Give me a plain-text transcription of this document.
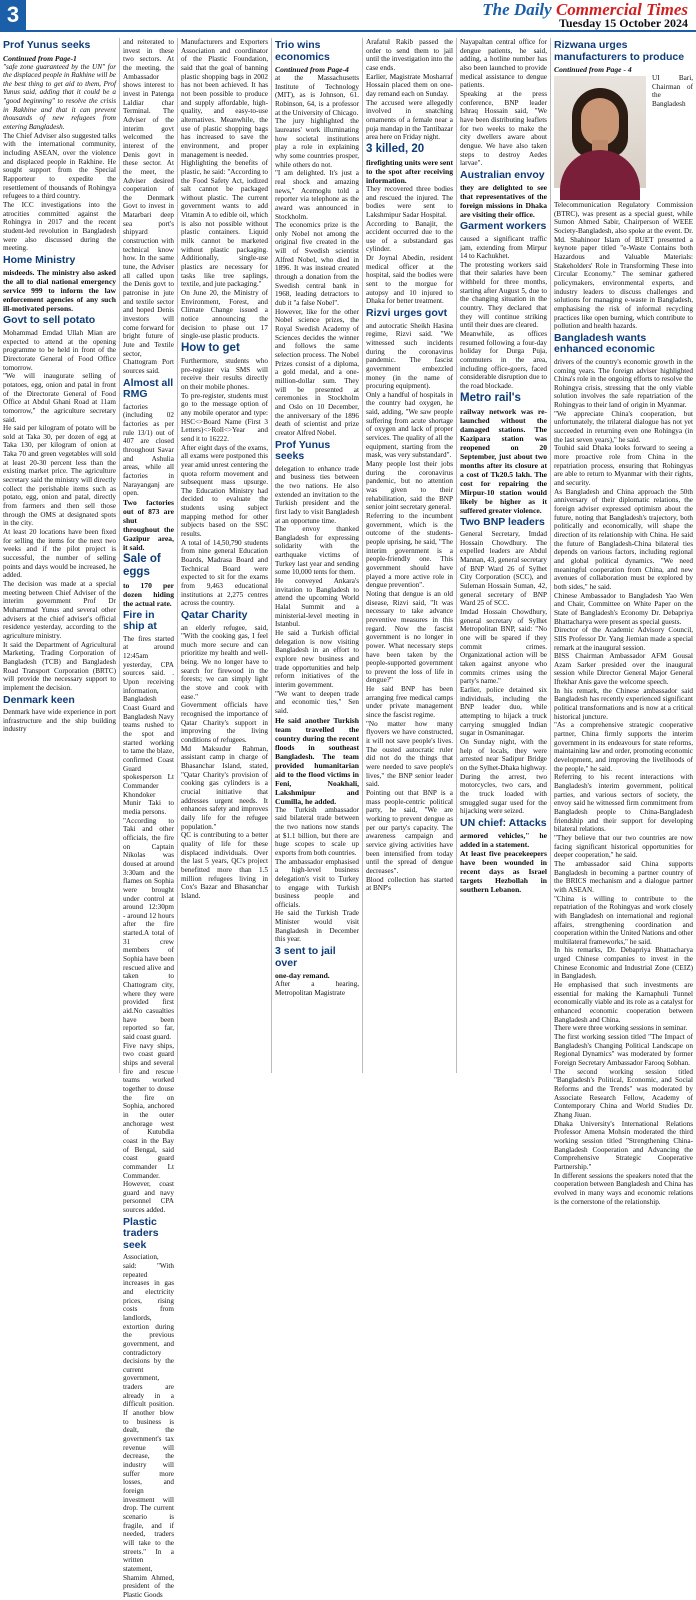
3	The Daily Commercial Times
Tuesday 15 October 2024
Prof Yunus seeks
Continued from Page-1

"safe zone guaranteed by the UN" for the displaced people in Rakhine will be the best thing to get aid to them, Prof Yunus said, adding that it could be a "good beginning" to resolve the crisis in Rakhine and that it can prevent thousands of new refugees from entering Bangladesh.

The Chief Adviser also suggested talks with the international community, including ASEAN, over the violence and displaced people in Rakhine. He sought support from the Special Rapporteur to expedite the resettlement of thousands of Rohingya refugees to a third country.

The ICC investigations into the atrocities committed against the Rohingya in 2017 and the recent student-led revolution in Bangladesh were also discussed during the meeting.

Home Ministry

misdeeds. The ministry also asked the all to dial national emergency service 999 to inform the law enforcement agencies of any such ill-motivated persons.

Govt to sell potato

Mohammad Emdad Ullah Mian are expected to attend at the opening programme to be held in front of the Directorate General of Food Office tomorrow.

"We will inaugurate selling of potatoes, egg, onion and patal in front of the Directorate General of Food Office at Abdul Ghani Road at 11am tomorrow," the agriculture secretary said.

He said per kilogram of potato will be sold at Taka 30, per dozen of egg at Taka 130, per kilogram of onion at Taka 70 and green vegetables will sold at least 20-30 percent less than the existing market price. The agriculture secretary said the ministry will directly collect the perishable items such as potato, egg, onion and patal, directly from farmers and then sell those through the OMS at designated spots in the city.

At least 20 locations have been fixed for selling the items for the next two weeks and if the pilot project is successful, the number of selling points and days would be increased, he added.

The decision was made at a special meeting between Chief Adviser of the interim government Prof Dr Muhammad Yunus and several other advisers at the chief adviser's official residence yesterday, according to the agriculture ministry.

It said the Department of Agricultural Marketing, Trading Corporation of Bangladesh (TCB) and Bangladesh Road Transport Corporation (BRTC) will provide the necessary support to implement the decision.

Denmark keen

Denmark have wide experience in port infrastructure and the ship building industry

and reiterated to invest in these two sectors. At the meeting, the Ambassador shows interest to invest in Patenga Laldiar char Terminal. The Adviser of the interim govt welcomed the interest of the Denis govt in these sector. At the meet, the Adviser desired cooperation of the Denmark Govt to invest in Matarbari deep sea port's shipyard construction with technical know how. In the same tune, the Adviser all called upon the Denis govt to patronise in jute and textile sector and hoped Denis investors will come forward for bright future of Jute and Textile sector, Chattogram Port sources said.

Almost all RMG

factories (including 02 factories as per rule 13/1) out of 407 are closed throughout Savar and Ashulia areas, while all factories in Narayanganj are open.

Two factories out of 873 are shut throughout the Gazipur area, it said.

Sale of eggs

to 170 per dozen hiding the actual rate.

Fire in ship at

The fires started at around 12:45am yesterday, CPA sources said. . Upon receiving information, Bangladesh Coast Guard and Bangladesh Navy teams rushed to the spot and started working to tame the blaze, confirmed Coast Guard spokesperson Lt Commander Khondoker Munir Taki to media persons.

"According to Taki and other officials, the fire on Captain Nikolas was doused at around 3:30am and the flames on Sophia were brought under control at around 12:30pm - around 12 hours after the fire started.A total of 31 crew members of Sophia have been rescued alive and taken to Chattogram city, where they were provided first aid.No casualties have been reported so far, said coast guard.

Five navy ships, two coast guard ships and several fire and rescue teams worked together to douse the fire on Sophia, anchored in the outer anchorage west of Kutubdia coast in the Bay of Bengal, said coast guard commander Lt Commander.

However, coast guard and navy personnel CPA sources added.

Plastic traders seek

Association, said: "With repeated increases in gas and electricity prices, rising costs from landlords, extortion during the previous government, and contradictory decisions by the current government, traders are already in a difficult position. If another blow to business is dealt, the government's tax revenue will decrease, the industry will suffer more losses, and foreign investment will drop. The current scenario is fragile, and if needed, traders will take to the streets." In a written statement, Shamim Ahmed, president of the Plastic Goods

Manufacturers and Exporters Association and coordinator of the Plastic Foundation, said that the goal of banning plastic shopping bags in 2002 has not been achieved. It has not been possible to produce and supply affordable, high-quality, and easy-to-use alternatives. Meanwhile, the use of plastic shopping bags has increased to save the environment, and proper management is needed.

Highlighting the benefits of plastic, he said: "According to the Food Safety Act, iodized salt cannot be packaged without plastic. The current government wants to add Vitamin A to edible oil, which is also not possible without plastic containers. Liquid milk cannot be marketed without plastic packaging. Additionally, single-use plastics are necessary for tasks like tree saplings, textile, and jute packaging."

On June 20, the Ministry of Environment, Forest, and Climate Change issued a notice announcing the decision to phase out 17 single-use plastic products.

How to get

Furthermore, students who pre-register via SMS will receive their results directly on their mobile phones.

To pre-register, students must go to the message option of any mobile operator and type: HSC<>Board Name (First 3 Letters)<>Roll<>Year and send it to 16222.

After eight days of the exams, all exams were postponed this year amid unrest centering the quota reform movement and subsequent mass upsurge. The Education Ministry had decided to evaluate the students using subject mapping method for other subjects based on the SSC results.

A total of 14,50,790 students from nine general Education Boards, Madrasa Board and Technical Board were expected to sit for the exams from 9,463 educational institutions at 2,275 centres across the country.

Qatar Charity

an elderly refugee, said, "With the cooking gas, I feel much more secure and can prioritize my health and well-being. We no longer have to search for firewood in the forests; we can simply light the stove and cook with ease."

Government officials have recognised the importance of Qatar Charity's support in improving the living conditions of refugees.

Md Maksudur Rahman, assistant camp in charge of Bhasanchar Island, stated, "Qatar Charity's provision of cooking gas cylinders is a crucial initiative that addresses urgent needs. It enhances safety and improves daily life for the refugee population."

QC is contributing to a better quality of life for these displaced individuals. Over the last 5 years, QC's project benefitted more than 1.5 million refugees living in Cox's Bazar and Bhasanchar Island.

Trio wins economics
Continued from Page-4

at the Massachusetts Institute of Technology (MIT), as is Johnson, 61. Robinson, 64, is a professor at the University of Chicago.

The jury highlighted the laureates' work illuminating how societal institutions play a role in explaining why some countries prosper, while others do not.

"I am delighted. It's just a real shock and amazing news," Acemoglu told a reporter via telephone as the award was announced in Stockholm.

The economics prize is the only Nobel not among the original five created in the will of Swedish scientist Alfred Nobel, who died in 1896. It was instead created through a donation from the Swedish central bank in 1968, leading detractors to dub it "a false Nobel".

However, like for the other Nobel science prizes, the Royal Swedish Academy of Sciences decides the winner and follows the same selection process. The Nobel Prizes consist of a diploma, a gold medal, and a one-million-dollar sum. They will be presented at ceremonies in Stockholm and Oslo on 10 December, the anniversary of the 1896 death of scientist and prize creator Alfred Nobel.

Prof Yunus seeks

delegation to enhance trade and business ties between the two nations. He also extended an invitation to the Turkish president and the first lady to visit Bangladesh at an opportune time.

The envoy thanked Bangladesh for expressing solidarity with the earthquake victims of Turkey last year and sending some 10,000 tents for them.

He conveyed Ankara's invitation to Bangladesh to attend the upcoming World Halal Summit and a ministerial-level meeting in Istanbul.

He said a Turkish official delegation is now visiting Bangladesh in an effort to explore new business and trade opportunities and help reform initiatives of the interim government.

"We want to deepen trade and economic ties," Sen said.

He said another Turkish team travelled the country during the recent floods in southeast Bangladesh. The team provided humanitarian aid to the flood victims in Feni, Noakhali, Lakshmipur and Cumilla, he added.

The Turkish ambassador said bilateral trade between the two nations now stands at $1.1 billion, but there are huge scopes to scale up exports from both countries.

The ambassador emphasised a high-level business delegation's visit to Turkey to engage with Turkish business people and officials.

He said the Turkish Trade Minister would visit Bangladesh in December this year.

3 sent to jail over

one-day remand.

After a hearing, Metropolitan Magistrate

Arafatul Rakib passed the order to send them to jail until the investigation into the case ends.

Earlier, Magistrate Mosharraf Hossain placed them on one-day remand each on Sunday.

The accused were allegedly involved in snatching ornaments of a female near a puja mandap in the Tantibazar area here on Friday night.

3 killed, 20

firefighting units were sent to the spot after receiving information.

They recovered three bodies and rescued the injured. The bodies were sent to Lakshmipur Sadar Hospital.

According to Banajit, the accident occurred due to the use of a substandard gas cylinder.

Dr Joynal Abedin, resident medical officer at the hospital, said the bodies were sent to the morgue for autopsy and 10 injured to Dhaka for better treatment.

Rizvi urges govt

and autocratic Sheikh Hasina regime, Rizvi said. "We witnessed such incidents during the coronavirus pandemic. The fascist government embezzled money (in the name of procuring equipment).

Only a handful of hospitals in the country had oxygen, he said, adding, "We saw people suffering from acute shortage of oxygen and lack of proper services. The quality of all the equipment, starting from the mask, was very substandard".

Many people lost their jobs during the coronavirus pandemic, but no attention was given to their rehabilitation, said the BNP senior joint secretary general.

Referring to the incumbent government, which is the outcome of the students-people uprising, he said, "The interim government is a people-friendly one. This government should have played a more active role in dengue prevention".

Noting that dengue is an old disease, Rizvi said, "It was necessary to take advance preventive measures in this regard. Now the fascist government is no longer in power. What necessary steps have been taken by the people-supported government to prevent the loss of life in dengue?"

He said BNP has been arranging free medical camps under private management since the fascist regime.

"No matter how many flyovers we have constructed, it will not save people's lives. The ousted autocratic ruler did not do the things that were needed to save people's lives," the BNP senior leader said.

Pointing out that BNP is a mass people-centric political party, he said, "We are working to prevent dengue as per our party's capacity. The awareness campaign and service giving activities have been intensified from today until the spread of dengue decreases".

Blood collection has started at BNP's

Nayapaltan central office for dengue patients, he said, adding, a hotline number has also been launched to provide medical assistance to dengue patients.

Speaking at the press conference, BNP leader Ishraq Hossain said, "We have been distributing leaflets for two weeks to make the city dwellers aware about dengue. We have also taken steps to destroy Aedes larvae".

Australian envoy

they are delighted to see that representatives of the foreign missions in Dhaka are visiting their office.

Garment workers

caused a significant traffic jam, extending from Mirpur 14 to Kachukhet.

The protesting workers said that their salaries have been withheld for three months, starting after August 5, due to the changing situation in the country. They declared that they will continue striking until their dues are cleared.

Meanwhile, as offices resumed following a four-day holiday for Durga Puja, commuters in the area, including office-goers, faced considerable disruption due to the road blockade.

Metro rail's

railway network was re-launched without the damaged stations. The Kazipara station was reopened on 20 September, just about two months after its closure at a cost of Tk20.5 lakh. The cost for repairing the Mirpur-10 station would likely be higher as it suffered greater violence.

Two BNP leaders

General Secretary, Imdad Hossain Chowdhury. The expelled leaders are Abdul Mannan, 43, general secretary of BNP Ward 26 of Sylhet City Corporation (SCC), and Suleman Hossain Suman, 42, general secretary of BNP Ward 25 of SCC.

Imdad Hossain Chowdhury, general secretary of Sylhet Metropolitan BNP, said: "No one will be spared if they commit crimes. Organizational action will be taken against anyone who commits crimes using the party's name."

Earlier, police detained six individuals, including the BNP leader duo, while attempting to hijack a truck carrying smuggled Indian sugar in Osmaninagar.

On Sunday night, with the help of locals, they were arrested near Sadipur Bridge on the Sylhet-Dhaka highway. During the arrest, two motorcycles, two cars, and the truck loaded with smuggled sugar used for the hijacking were seized.

UN chief: Attacks

armored vehicles," he added in a statement.

At least five peacekeepers have been wounded in recent days as Israel targets Hezbollah in southern Lebanon.

Rizwana urges manufacturers to produce
Continued from Page - 4

UI Bari, Chairman of the Bangladesh Telecommunication Regulatory Commission (BTRC), was present as a special guest, while Sumon Ahmed Sabir, Chairperson of WEEE Society-Bangladesh, also spoke at the event. Dr. Md. Shahinoor Islam of BUET presented a keynote paper titled "e-Waste Contains both Hazardous and Valuable Materials: Stakeholders' Role in Transforming These into Circular Economy." The seminar gathered policymakers, environmental experts, and industry leaders to discuss challenges and solutions for managing e-waste in Bangladesh, emphasising the risk of informal recycling practices like open burning, which contribute to pollution and health hazards.

Bangladesh wants enhanced economic

drivers of the country's economic growth in the coming years. The foreign adviser highlighted China's role in the ongoing efforts to resolve the Rohingya crisis, stressing that the only viable solution involves the safe repatriation of the Rohingyas to their land of origin in Myanmar.

"We appreciate China's cooperation, but unfortunately, the trilateral dialogue has not yet succeeded in returning even one Rohingya (in the last seven years)," he said.

Touhid said Dhaka looks forward to seeing a more proactive role from China in the repatriation process, ensuring that Rohingyas are able to return to Myanmar with their rights, and security.

As Bangladesh and China approach the 50th anniversary of their diplomatic relations, the foreign adviser expressed optimism about the future, noting that Bangladesh's trajectory, both politically and economically, will shape the direction of its relationship with China. He said the future of Bangladesh-China bilateral ties depends on various factors, including regional and global political dynamics. "We need meaningful cooperation from China, and new avenues of collaboration must be explored by both sides," he said.

Chinese Ambassador to Bangladesh Yao Wen and Chair, Committee on White Paper on the State of Bangladesh's Economy Dr. Debapriya Bhattacharya were present as special guests.

Director of the Academic Advisory Council, SIIS Professor Dr. Yang Jiemian made a special remark at the inaugural session.

BISS Chairman Ambassador AFM Gousal Azam Sarker presided over the inaugural session while Director General Major General Iftekhar Anis gave the welcome speech.

In his remark, the Chinese ambassador said Bangladesh has recently experienced significant political transformations and is now at a critical historical juncture.

"As a comprehensive strategic cooperative partner, China firmly supports the interim government in its endeavours for state reforms, maintaining law and order, promoting economic development, and improving the livelihoods of the people," he said.

Referring to his recent interactions with Bangladesh's interim government, political parties, and various sectors of society, the envoy said he witnessed firm commitment from Bangladesh people to China-Bangladesh friendship and their support for developing bilateral relations.

"They believe that our two countries are now facing significant historical opportunities for deeper cooperation," he said.

The ambassador said China supports Bangladesh in becoming a partner country of the BRICS mechanism and a dialogue partner with ASEAN.

"China is willing to contribute to the repatriation of the Rohingyas and work closely with Bangladesh on international and regional affairs, strengthening coordination and cooperation within the United Nations and other multilateral frameworks," he said.

In his remarks, Dr. Debapriya Bhattacharya urged Chinese companies to invest in the Chinese Economic and Industrial Zone (CEIZ) in Bangladesh.

He emphasised that such investments are essential for making the Karnaphuli Tunnel economically viable and its role as a catalyst for enhanced economic cooperation between Bangladesh and China.

There were three working sessions in seminar.

The first working session titled "The Impact of Bangladesh's Changing Political Landscape on Regional Dynamics" was moderated by former Foreign Secretary Ambassador Farooq Sobhan.

The second working session titled "Bangladesh's Political, Economic, and Social Reforms and the Trends" was moderated by Associate Research Fellow, Academy of Contemporary China and World Studies Dr. Zhang Jiuan.

Dhaka University's International Relations Professor Amena Mohsin moderated the third working session titled "Strengthening China-Bangladesh Cooperation and Advancing the Comprehensive Strategic Cooperative Partnership."

In different sessions the speakers noted that the cooperation between Bangladesh and China has evolved in many ways and economic relations is the cornerstone of the relationship.
